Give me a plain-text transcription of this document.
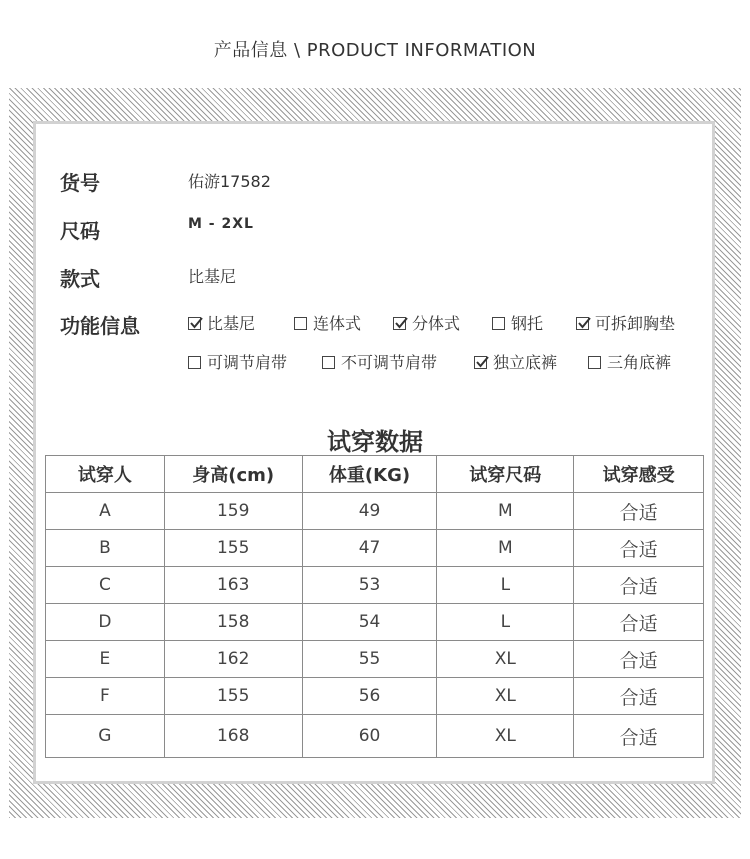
产品信息 \ PRODUCT INFORMATION
货号	佑游17582
尺码	M - 2XL
款式	比基尼
功能信息	比基尼	连体式	分体式	钢托	可拆卸胸垫
可调节肩带	不可调节肩带	独立底裤	三角底裤
试穿数据
试穿人	身高(cm)	体重(KG)	试穿尺码	试穿感受
A	159	49	M	合适
B	155	47	M	合适
C	163	53	L	合适
D	158	54	L	合适
E	162	55	XL	合适
F	155	56	XL	合适
G	168	60	XL	合适
